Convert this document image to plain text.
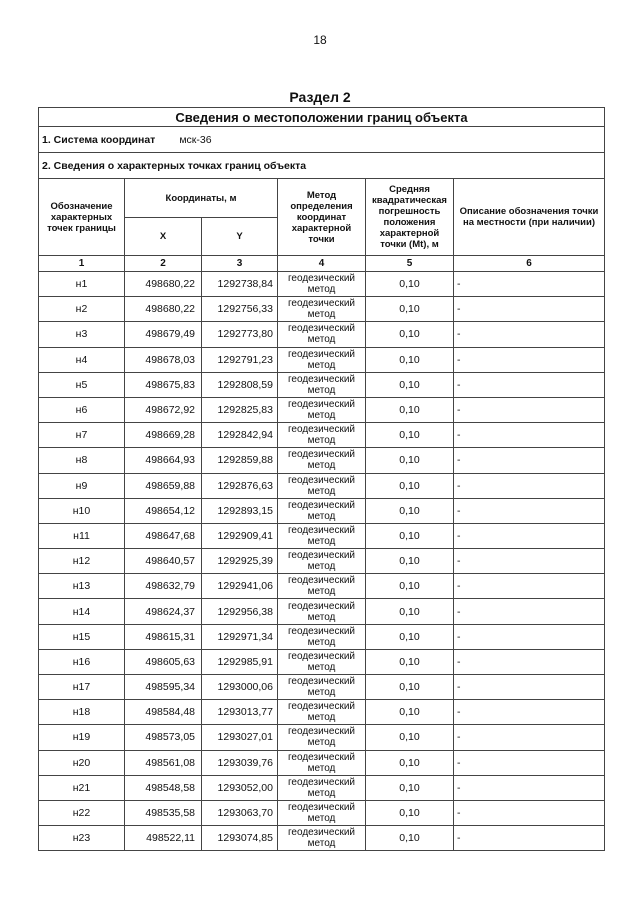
18
Раздел 2
Сведения о местоположении границ объекта					
1. Система координат мск-36					
2. Сведения о характерных точках границ объекта					
Обозначение характерных точек границы	Координаты, м		Метод определения координат характерной точки	Средняя квадратическая погрешность положения характерной точки (Mt), м	Описание обозначения точки на местности (при наличии)
	X	Y			
1	2	3	4	5	6
н1	498680,22	1292738,84	геодезический метод	0,10	-
н2	498680,22	1292756,33	геодезический метод	0,10	-
н3	498679,49	1292773,80	геодезический метод	0,10	-
н4	498678,03	1292791,23	геодезический метод	0,10	-
н5	498675,83	1292808,59	геодезический метод	0,10	-
н6	498672,92	1292825,83	геодезический метод	0,10	-
н7	498669,28	1292842,94	геодезический метод	0,10	-
н8	498664,93	1292859,88	геодезический метод	0,10	-
н9	498659,88	1292876,63	геодезический метод	0,10	-
н10	498654,12	1292893,15	геодезический метод	0,10	-
н11	498647,68	1292909,41	геодезический метод	0,10	-
н12	498640,57	1292925,39	геодезический метод	0,10	-
н13	498632,79	1292941,06	геодезический метод	0,10	-
н14	498624,37	1292956,38	геодезический метод	0,10	-
н15	498615,31	1292971,34	геодезический метод	0,10	-
н16	498605,63	1292985,91	геодезический метод	0,10	-
н17	498595,34	1293000,06	геодезический метод	0,10	-
н18	498584,48	1293013,77	геодезический метод	0,10	-
н19	498573,05	1293027,01	геодезический метод	0,10	-
н20	498561,08	1293039,76	геодезический метод	0,10	-
н21	498548,58	1293052,00	геодезический метод	0,10	-
н22	498535,58	1293063,70	геодезический метод	0,10	-
н23	498522,11	1293074,85	геодезический метод	0,10	-
